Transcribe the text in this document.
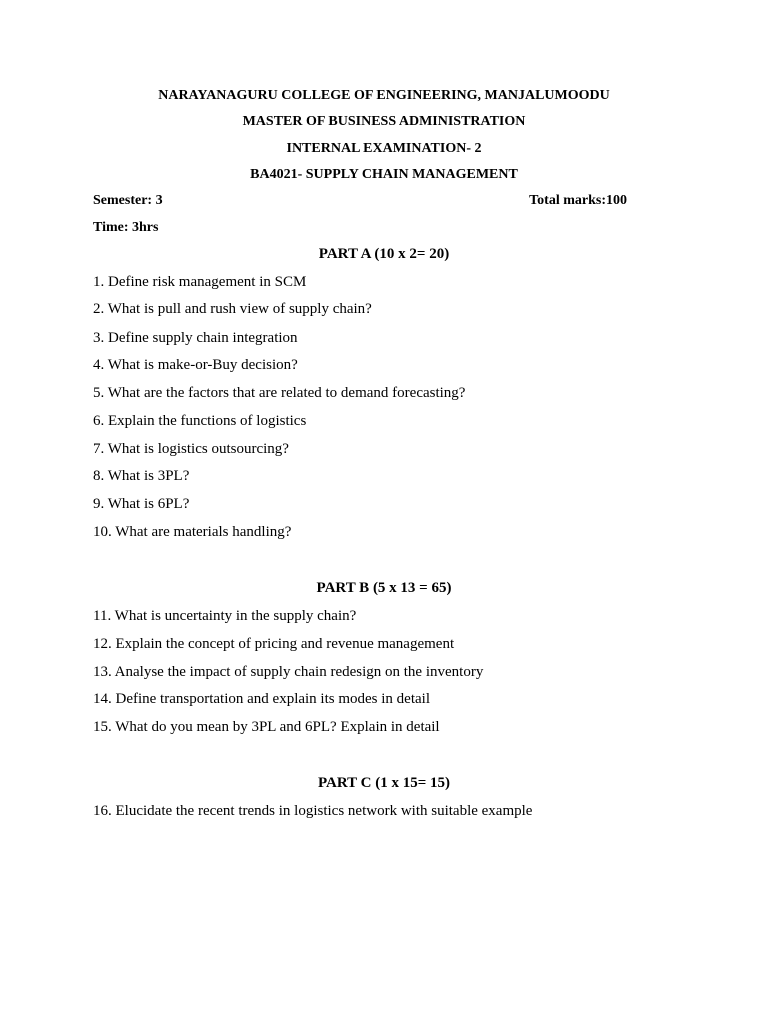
NARAYANAGURU COLLEGE OF ENGINEERING, MANJALUMOODU
MASTER OF BUSINESS ADMINISTRATION
INTERNAL EXAMINATION- 2
BA4021- SUPPLY CHAIN MANAGEMENT
Semester: 3	Total marks:100
Time: 3hrs
PART A (10 x 2= 20)
1. Define risk management in SCM
2. What is pull and rush view of supply chain?
3. Define supply chain integration
4. What is make-or-Buy decision?
5. What are the factors that are related to demand forecasting?
6. Explain the functions of logistics
7. What is logistics outsourcing?
8. What is 3PL?
9. What is 6PL?
10. What are materials handling?
PART B (5 x 13 = 65)
11. What is uncertainty in the supply chain?
12. Explain the concept of pricing and revenue management
13. Analyse the impact of supply chain redesign on the inventory
14. Define transportation and explain its modes in detail
15. What do you mean by 3PL and 6PL? Explain in detail
PART C (1 x 15= 15)
16. Elucidate the recent trends in logistics network with suitable example
